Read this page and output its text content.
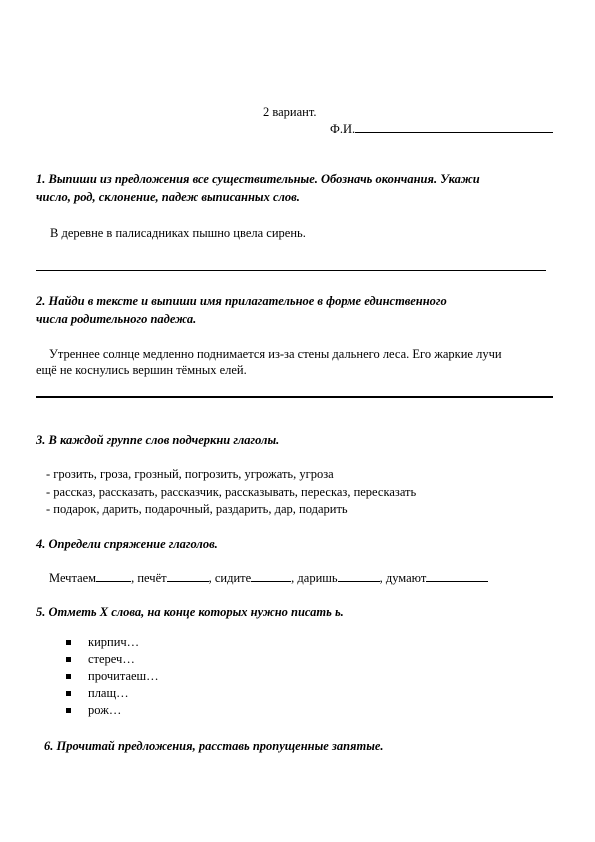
2 вариант.
Ф.И.
1. Выпиши из предложения все существительные. Обозначь окончания. Укажи
число, род, склонение, падеж выписанных слов.
В деревне в палисадниках пышно цвела сирень.
2. Найди в тексте и выпиши имя прилагательное в форме единственного
числа родительного падежа.
Утреннее солнце медленно поднимается из-за стены дальнего леса. Его жаркие лучи
ещё не коснулись вершин тёмных елей.
3. В каждой группе слов подчеркни глаголы.
- грозить, гроза, грозный, погрозить, угрожать, угроза
- рассказ, рассказать, рассказчик, рассказывать, пересказ, пересказать
- подарок, дарить, подарочный, раздарить, дар, подарить
4. Определи спряжение глаголов.
Мечтаем	, печёт	, сидите	, даришь	, думают
5. Отметь Х слова, на конце которых нужно писать ь.
кирпич…
стереч…
прочитаеш…
плащ…
рож…
6. Прочитай предложения, расставь пропущенные запятые.
